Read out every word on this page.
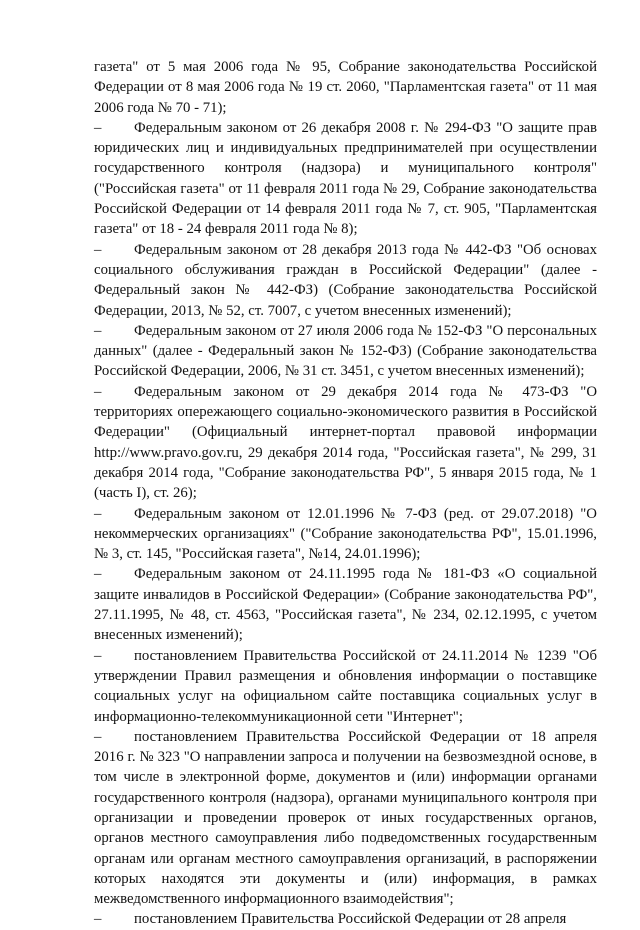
газета" от 5 мая 2006 года № 95, Собрание законодательства Российской Федерации от 8 мая 2006 года № 19 ст. 2060, "Парламентская газета" от 11 мая 2006 года № 70 - 71);

– Федеральным законом от 26 декабря 2008 г. № 294-ФЗ "О защите прав юридических лиц и индивидуальных предпринимателей при осуществлении государственного контроля (надзора) и муниципального контроля" ("Российская газета" от 11 февраля 2011 года № 29, Собрание законодательства Российской Федерации от 14 февраля 2011 года № 7, ст. 905, "Парламентская газета" от 18 - 24 февраля 2011 года № 8);

– Федеральным законом от 28 декабря 2013 года № 442-ФЗ "Об основах социального обслуживания граждан в Российской Федерации" (далее - Федеральный закон № 442-ФЗ) (Собрание законодательства Российской Федерации, 2013, № 52, ст. 7007, с учетом внесенных изменений);

– Федеральным законом от 27 июля 2006 года № 152-ФЗ "О персональных данных" (далее - Федеральный закон № 152-ФЗ) (Собрание законодательства Российской Федерации, 2006, № 31 ст. 3451, с учетом внесенных изменений);

– Федеральным законом от 29 декабря 2014 года № 473-ФЗ "О территориях опережающего социально-экономического развития в Российской Федерации" (Официальный интернет-портал правовой информации http://www.pravo.gov.ru, 29 декабря 2014 года, "Российская газета", № 299, 31 декабря 2014 года, "Собрание законодательства РФ", 5 января 2015 года, № 1 (часть I), ст. 26);

– Федеральным законом от 12.01.1996 № 7-ФЗ (ред. от 29.07.2018) "О некоммерческих организациях" ("Собрание законодательства РФ", 15.01.1996, № 3, ст. 145, "Российская газета", №14, 24.01.1996);

– Федеральным законом от 24.11.1995 года № 181-ФЗ «О социальной защите инвалидов в Российской Федерации» (Собрание законодательства РФ", 27.11.1995, № 48, ст. 4563, "Российская газета", № 234, 02.12.1995, с учетом внесенных изменений);

– постановлением Правительства Российской от 24.11.2014 № 1239 "Об утверждении Правил размещения и обновления информации о поставщике социальных услуг на официальном сайте поставщика социальных услуг в информационно-телекоммуникационной сети "Интернет";

– постановлением Правительства Российской Федерации от 18 апреля 2016 г. № 323 "О направлении запроса и получении на безвозмездной основе, в том числе в электронной форме, документов и (или) информации органами государственного контроля (надзора), органами муниципального контроля при организации и проведении проверок от иных государственных органов, органов местного самоуправления либо подведомственных государственным органам или органам местного самоуправления организаций, в распоряжении которых находятся эти документы и (или) информация, в рамках межведомственного информационного взаимодействия";

– постановлением Правительства Российской Федерации от 28 апреля
